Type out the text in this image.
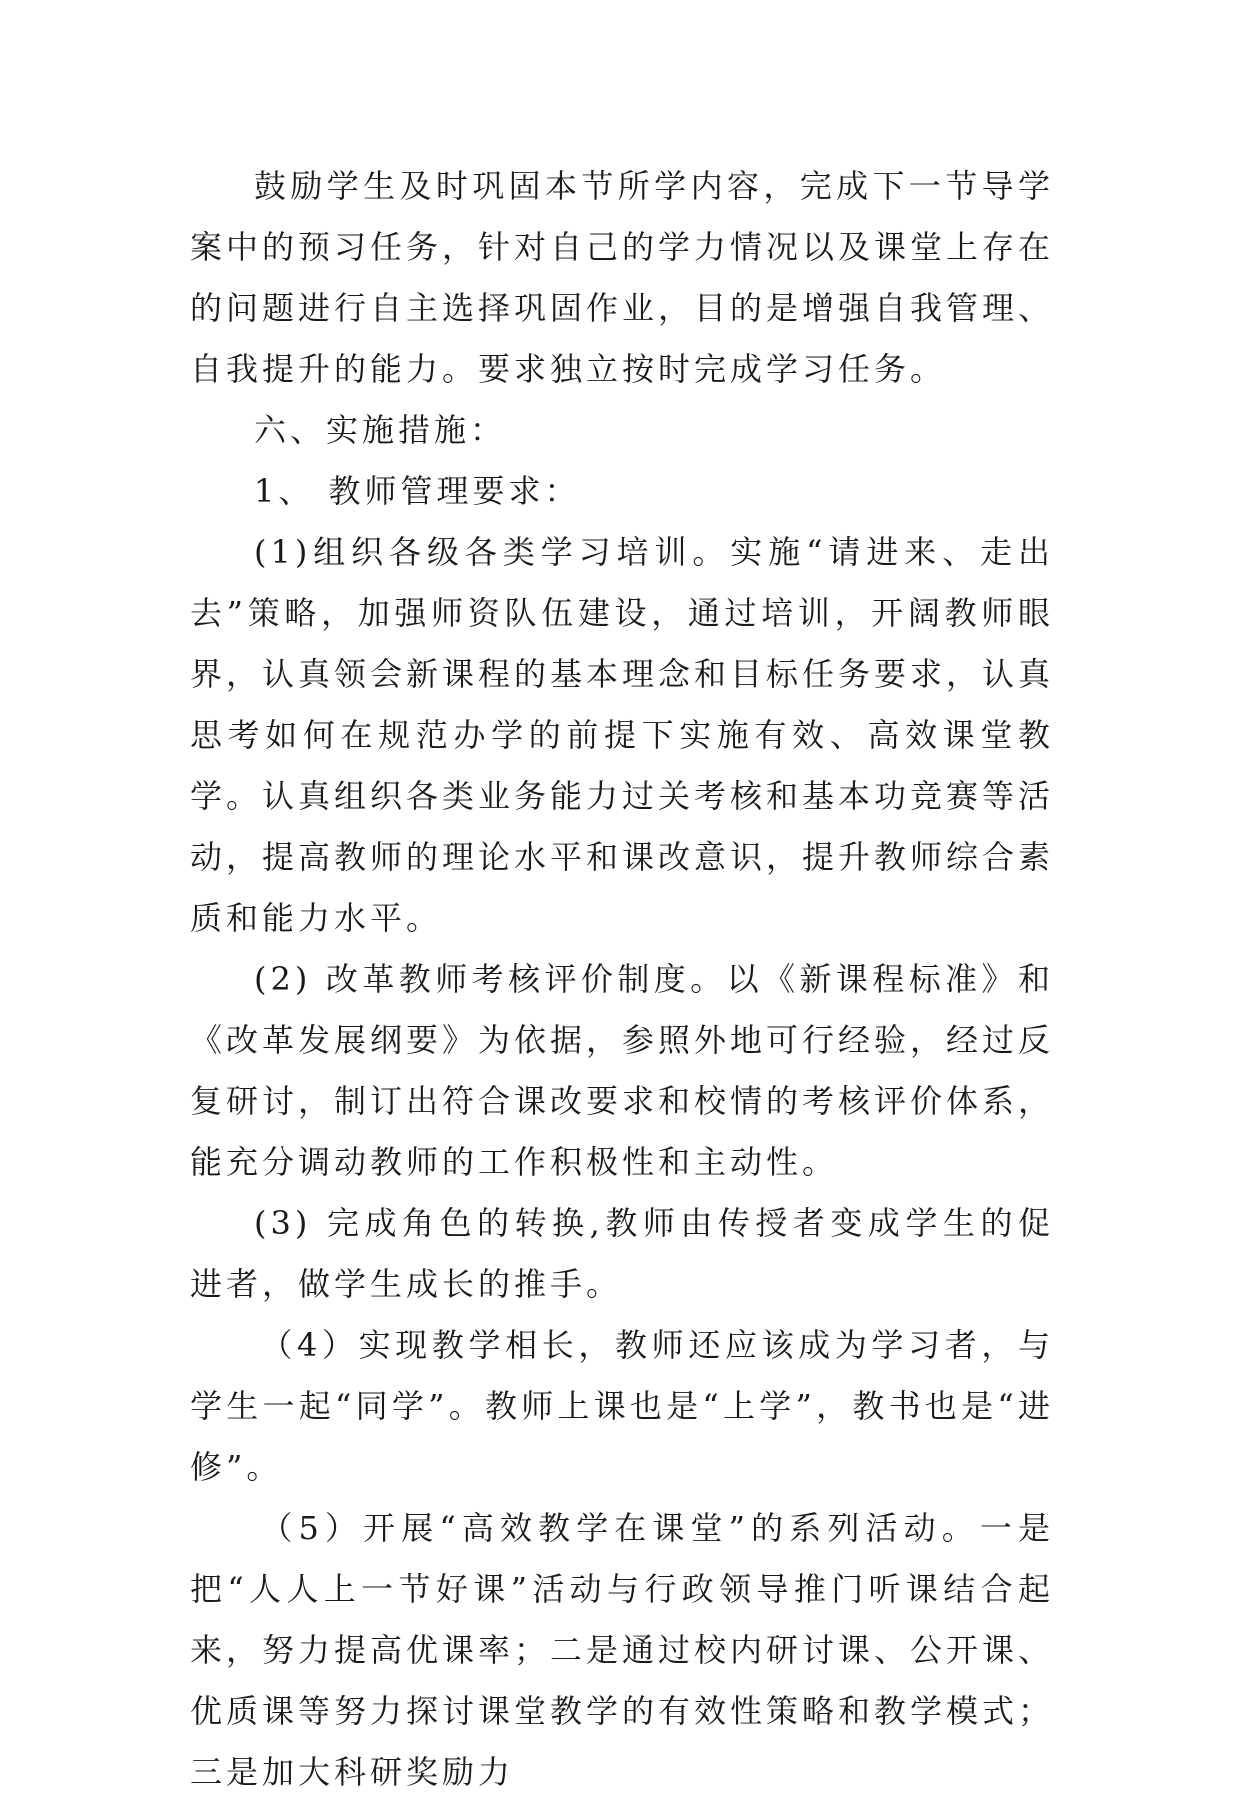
鼓励学生及时巩固本节所学内容，完成下一节导学案中的预习任务，针对自己的学力情况以及课堂上存在的问题进行自主选择巩固作业，目的是增强自我管理、自我提升的能力。要求独立按时完成学习任务。

六、实施措施：

1、 教师管理要求：

(1)组织各级各类学习培训。实施“请进来、走出去”策略，加强师资队伍建设，通过培训，开阔教师眼界，认真领会新课程的基本理念和目标任务要求，认真思考如何在规范办学的前提下实施有效、高效课堂教学。认真组织各类业务能力过关考核和基本功竞赛等活动，提高教师的理论水平和课改意识，提升教师综合素质和能力水平。

(2) 改革教师考核评价制度。以《新课程标准》和《改革发展纲要》为依据，参照外地可行经验，经过反复研讨，制订出符合课改要求和校情的考核评价体系，能充分调动教师的工作积极性和主动性。

(3) 完成角色的转换,教师由传授者变成学生的促进者，做学生成长的推手。

（4）实现教学相长，教师还应该成为学习者，与学生一起“同学”。教师上课也是“上学”，教书也是“进修”。

（5）开展“高效教学在课堂”的系列活动。一是把“人人上一节好课”活动与行政领导推门听课结合起来，努力提高优课率；二是通过校内研讨课、公开课、优质课等努力探讨课堂教学的有效性策略和教学模式；三是加大科研奖励力
